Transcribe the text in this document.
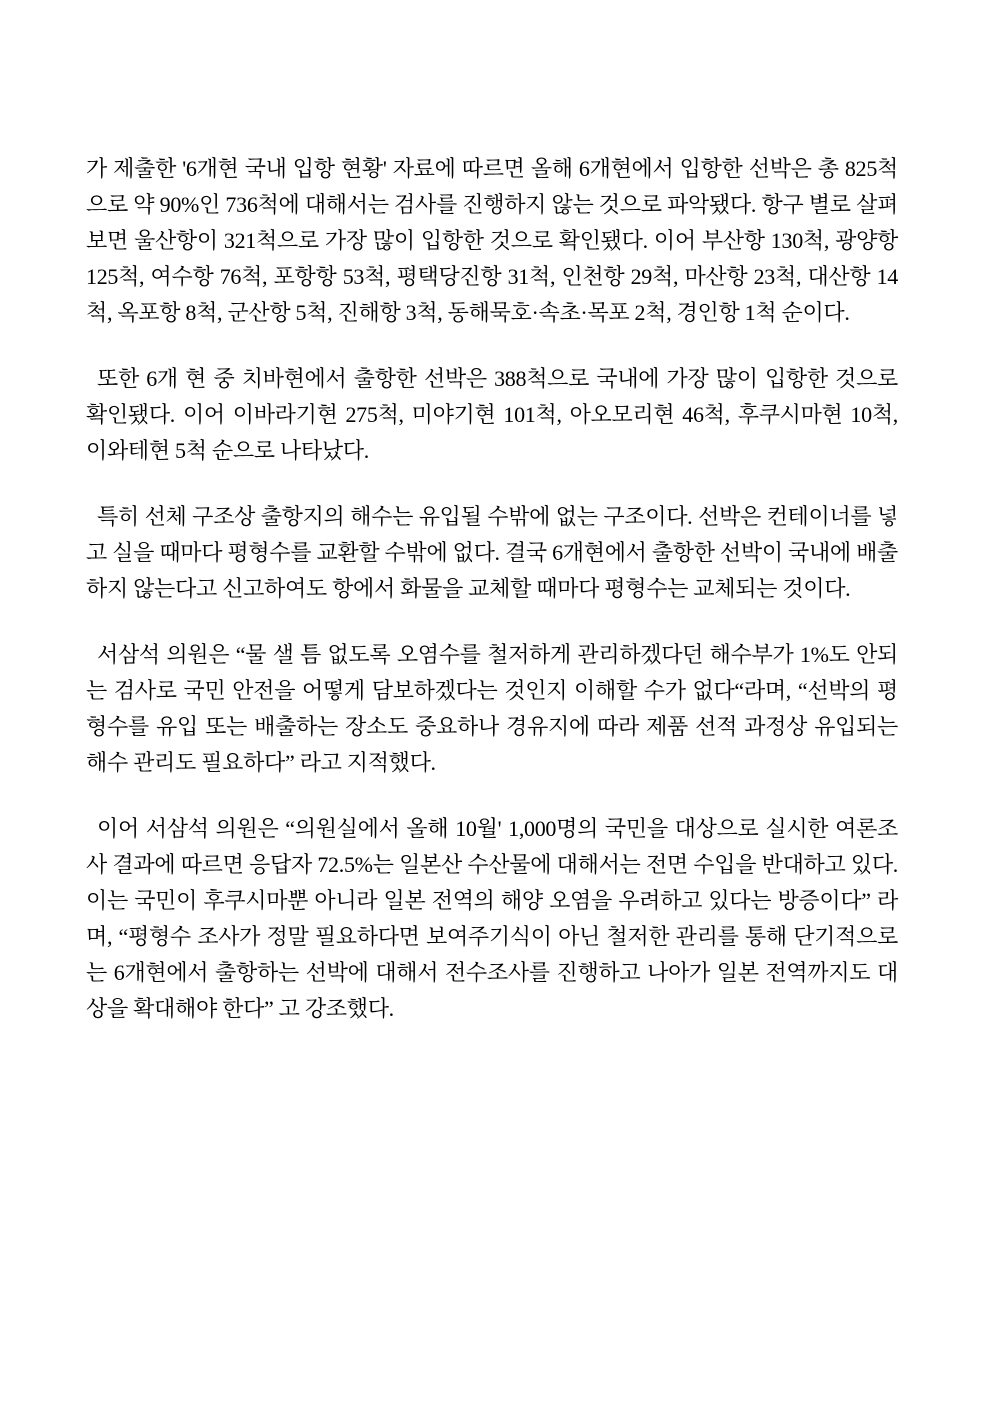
가 제출한 '6개현 국내 입항 현황' 자료에 따르면 올해 6개현에서 입항한 선박은 총 825척으로 약 90%인 736척에 대해서는 검사를 진행하지 않는 것으로 파악됐다. 항구 별로 살펴보면 울산항이 321척으로 가장 많이 입항한 것으로 확인됐다. 이어 부산항 130척, 광양항 125척, 여수항 76척, 포항항 53척, 평택당진항 31척, 인천항 29척, 마산항 23척, 대산항 14척, 옥포항 8척, 군산항 5척, 진해항 3척, 동해묵호·속초·목포 2척, 경인항 1척 순이다.

또한 6개 현 중 치바현에서 출항한 선박은 388척으로 국내에 가장 많이 입항한 것으로 확인됐다. 이어 이바라기현 275척, 미야기현 101척, 아오모리현 46척, 후쿠시마현 10척, 이와테현 5척 순으로 나타났다.

특히 선체 구조상 출항지의 해수는 유입될 수밖에 없는 구조이다. 선박은 컨테이너를 넣고 실을 때마다 평형수를 교환할 수밖에 없다. 결국 6개현에서 출항한 선박이 국내에 배출하지 않는다고 신고하여도 항에서 화물을 교체할 때마다 평형수는 교체되는 것이다.

서삼석 의원은 “물 샐 틈 없도록 오염수를 철저하게 관리하겠다던 해수부가 1%도 안되는 검사로 국민 안전을 어떻게 담보하겠다는 것인지 이해할 수가 없다“라며, “선박의 평형수를 유입 또는 배출하는 장소도 중요하나 경유지에 따라 제품 선적 과정상 유입되는 해수 관리도 필요하다” 라고 지적했다.

이어 서삼석 의원은 “의원실에서 올해 10월' 1,000명의 국민을 대상으로 실시한 여론조사 결과에 따르면 응답자 72.5%는 일본산 수산물에 대해서는 전면 수입을 반대하고 있다. 이는 국민이 후쿠시마뿐 아니라 일본 전역의 해양 오염을 우려하고 있다는 방증이다” 라며, “평형수 조사가 정말 필요하다면 보여주기식이 아닌 철저한 관리를 통해 단기적으로는 6개현에서 출항하는 선박에 대해서 전수조사를 진행하고 나아가 일본 전역까지도 대상을 확대해야 한다” 고 강조했다.
